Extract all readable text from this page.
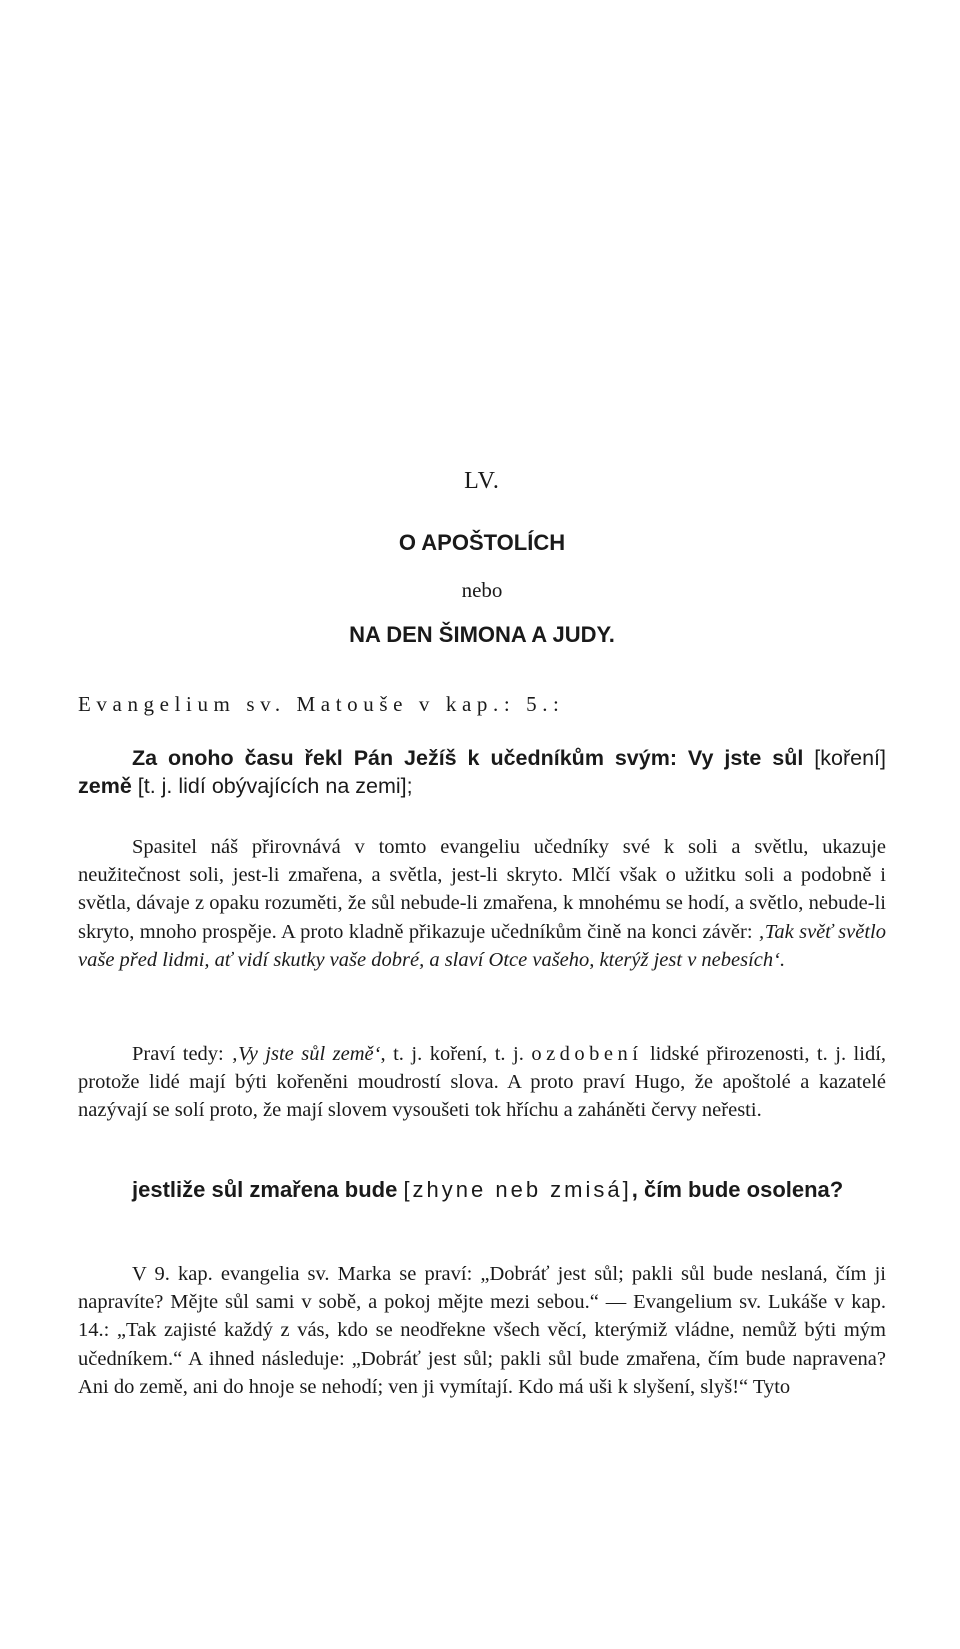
LV.
O APOŠTOLÍCH
nebo
NA DEN ŠIMONA A JUDY.
Evangelium sv. Matouše v kap.: 5.:
Za onoho času řekl Pán Ježíš k učedníkům svým: Vy jste sůl [koření] země [t. j. lidí obývajících na zemi];
Spasitel náš přirovnává v tomto evangeliu učedníky své k soli a světlu, ukazuje neužitečnost soli, jest-li zmařena, a světla, jest-li skryto. Mlčí však o užitku soli a podobně i světla, dávaje z opaku rozuměti, že sůl nebude-li zmařena, k mnohému se hodí, a světlo, nebude-li skryto, mnoho prospěje. A proto kladně přikazuje učedníkům čině na konci závěr: ‚Tak svěť světlo vaše před lidmi, ať vidí skutky vaše dobré, a slaví Otce vašeho, kterýž jest v nebesích‘.
Praví tedy: ‚Vy jste sůl země‘, t. j. koření, t. j. ozdobení lidské přirozenosti, t. j. lidí, protože lidé mají býti kořeněni moudrostí slova. A proto praví Hugo, že apoštolé a kazatelé nazývají se solí proto, že mají slovem vysoušeti tok hříchu a zaháněti červy neřesti.
jestliže sůl zmařena bude [zhyne neb zmisá], čím bude osolena?
V 9. kap. evangelia sv. Marka se praví: „Dobráť jest sůl; pakli sůl bude neslaná, čím ji napravíte? Mějte sůl sami v sobě, a pokoj mějte mezi sebou.“ — Evangelium sv. Lukáše v kap. 14.: „Tak zajisté každý z vás, kdo se neodřekne všech věcí, kterýmiž vládne, nemůž býti mým učedníkem.“ A ihned následuje: „Dobráť jest sůl; pakli sůl bude zmařena, čím bude napravena? Ani do země, ani do hnoje se nehodí; ven ji vymítají. Kdo má uši k slyšení, slyš!“ Tyto
